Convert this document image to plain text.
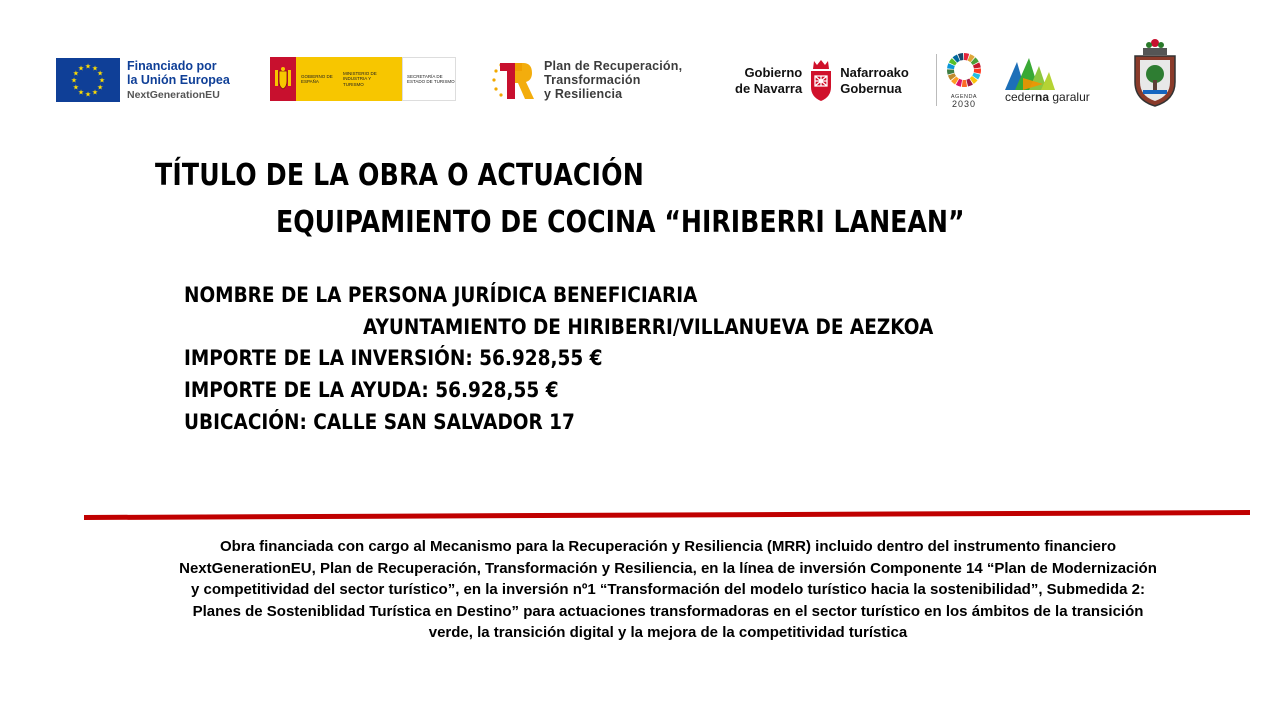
★ ★
★
★
★
★
★
★
★
★
★
★	Financiado por
la Unión Europea
NextGenerationEU
GOBIERNO DE ESPAÑA
MINISTERIO DE INDUSTRIA Y TURISMO
SECRETARÍA DE ESTADO DE TURISMO
Plan de Recuperación,
Transformación
y Resiliencia
Gobierno
de Navarra
Nafarroako
Gobernua
AGENDA
2030	cederna garalur
TÍTULO DE LA OBRA O ACTUACIÓN
EQUIPAMIENTO DE COCINA “HIRIBERRI LANEAN”
NOMBRE DE LA PERSONA JURÍDICA BENEFICIARIA
AYUNTAMIENTO DE HIRIBERRI/VILLANUEVA DE AEZKOA
IMPORTE DE LA INVERSIÓN: 56.928,55 €
IMPORTE DE LA AYUDA: 56.928,55 €
UBICACIÓN: CALLE SAN SALVADOR 17
Obra financiada con cargo al Mecanismo para la Recuperación y Resiliencia (MRR) incluido dentro del instrumento financiero
NextGenerationEU, Plan de Recuperación, Transformación y Resiliencia, en la línea de inversión Componente 14 “Plan de Modernización
y competitividad del sector turístico”, en la inversión nº1 “Transformación del modelo turístico hacia la sostenibilidad”, Submedida 2:
Planes de Sosteniblidad Turística en Destino” para actuaciones transformadoras en el sector turístico en los ámbitos de la transición
verde, la transición digital y la mejora de la competitividad turística
